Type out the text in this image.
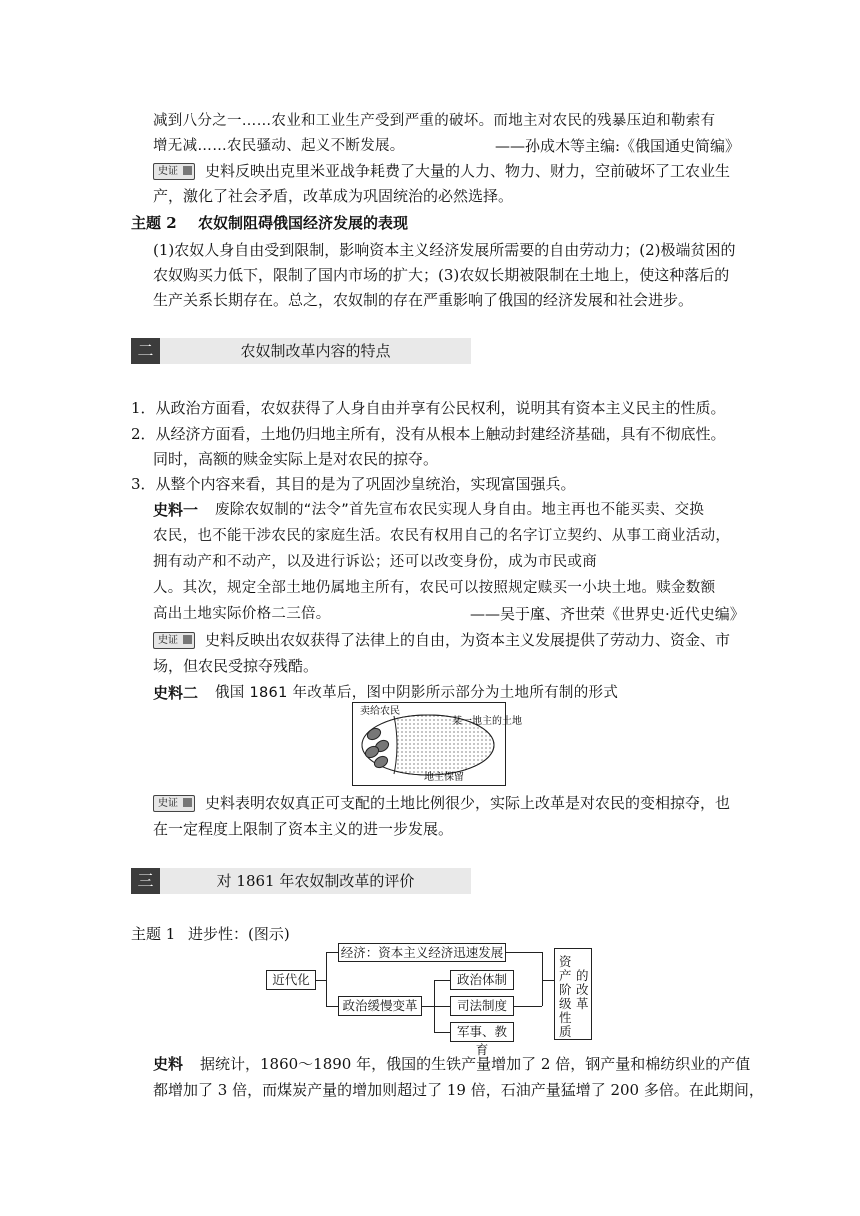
减到八分之一……农业和工业生产受到严重的破坏。而地主对农民的残暴压迫和勒索有
增无减……农民骚动、起义不断发展。	——孙成木等主编:《俄国通史简编》
史证	史料反映出克里米亚战争耗费了大量的人力、物力、财力，空前破坏了工农业生
产，激化了社会矛盾，改革成为巩固统治的必然选择。
主题 2 农奴制阻碍俄国经济发展的表现
(1)农奴人身自由受到限制，影响资本主义经济发展所需要的自由劳动力；(2)极端贫困的
农奴购买力低下，限制了国内市场的扩大；(3)农奴长期被限制在土地上，使这种落后的
生产关系长期存在。总之，农奴制的存在严重影响了俄国的经济发展和社会进步。
二	农奴制改革内容的特点
1．从政治方面看，农奴获得了人身自由并享有公民权利，说明其有资本主义民主的性质。
2．从经济方面看，土地仍归地主所有，没有从根本上触动封建经济基础，具有不彻底性。
同时，高额的赎金实际上是对农民的掠夺。
3．从整个内容来看，其目的是为了巩固沙皇统治，实现富国强兵。
史料一 废除农奴制的“法令”首先宣布农民实现人身自由。地主再也不能买卖、交换
农民，也不能干涉农民的家庭生活。农民有权用自己的名字订立契约、从事工商业活动，
拥有动产和不动产，以及进行诉讼；还可以改变身份，成为市民或商
人。其次，规定全部土地仍属地主所有，农民可以按照规定赎买一小块土地。赎金数额
高出土地实际价格二三倍。	——吴于廑、齐世荣《世界史·近代史编》
史证	史料反映出农奴获得了法律上的自由，为资本主义发展提供了劳动力、资金、市
场，但农民受掠夺残酷。
史料二 俄国 1861 年改革后，图中阴影所示部分为土地所有制的形式
卖给农民
某一地主的土地
地主保留
史证	史料表明农奴真正可支配的土地比例很少，实际上改革是对农民的变相掠夺，也
在一定程度上限制了资本主义的进一步发展。
三	对 1861 年农奴制改革的评价
主题 1 进步性：(图示)
近代化
经济：资本主义经济迅速发展
政治缓慢变革
政治体制
司法制度
军事、教育
资产阶级性质
的改革
史料 据统计，1860～1890 年，俄国的生铁产量增加了 2 倍，钢产量和棉纺织业的产值
都增加了 3 倍，而煤炭产量的增加则超过了 19 倍，石油产量猛增了 200 多倍。在此期间，
